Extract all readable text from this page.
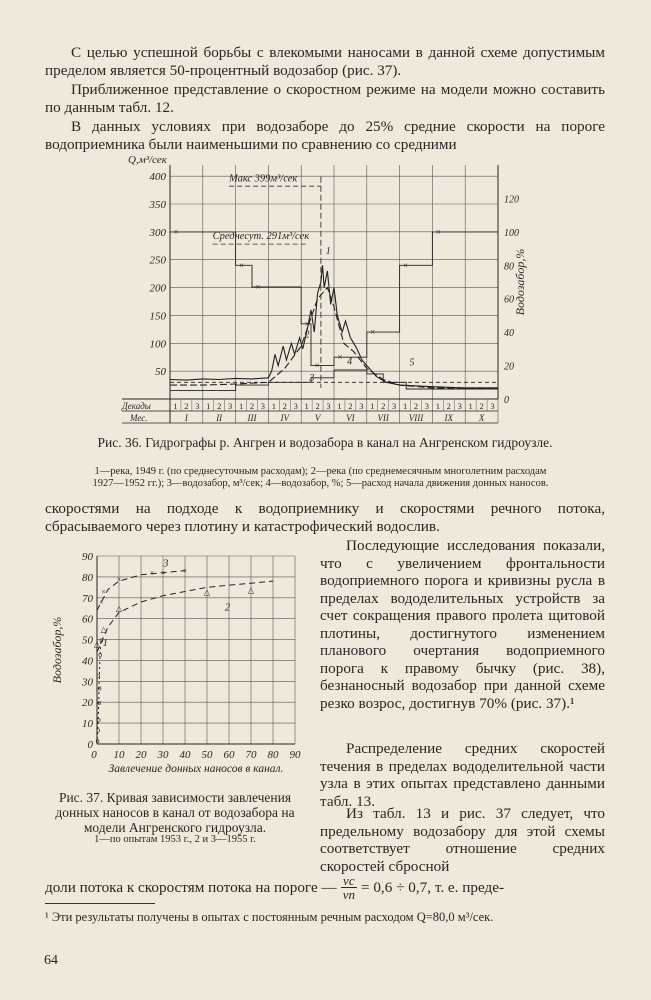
С целью успешной борьбы с влекомыми наносами в данной схеме допустимым пределом является 50-процентный водозабор (рис. 37).

Приближенное представление о скоростном режиме на модели можно составить по данным табл. 12.

В данных условиях при водозаборе до 25% средние скорости на пороге водоприемника были наименьшими по сравнению со средними

50
100
150
200
250
300
350
400
0
20
40
60
80
100
120
Декады
Мес.
1 2 3 1 2 3 1 2 3 1 2 3 1 2 3 1 2 3 1 2 3 1 2 3 1 2 3 1 2 3
I	II	III	IV	V	VI	VII VIII IX	X
Q,м³/сек
Водозабор,%
Макс 399м³/сек
Среднесут. 291м³/сек
×
×
×
×
×
×
×
×
×
1
2
3
4	5

Рис. 36. Гидрографы р. Ангрен и водозабора в канал на Ангренском гидроузле.

1—река, 1949 г. (по среднесуточным расходам); 2—река (по среднемесячным многолетним расходам 1927—1952 гг.); 3—водозабор, м³/сек; 4—водозабор, %; 5—расход начала движения донных наносов.

скоростями на подходе к водоприемнику и скоростями речного потока, сбрасываемого через плотину и катастрофический водослив.

0
10
20
30
40
50
60
70
80
90
0 10 20 30 40 50 60 70 80 90
Завлечение донных наносов в канал.
Водозабор,%
o
o
o
o
o
o
o
o
△
△
△
△	△
×
×
×
× × ×
1
2
3

Рис. 37. Кривая зависимости завлечения донных наносов в канал от водозабора на модели Ангренского гидроузла.

1—по опытам 1953 г., 2 и 3—1955 г.

Последующие исследования показали, что с увеличением фронтальности водоприемного порога и кривизны русла в пределах вододелительных устройств за счет сокращения правого пролета щитовой плотины, достигнутого изменением планового очертания водоприемного порога к правому бычку (рис. 38), безнаносный водозабор при данной схеме резко возрос, достигнув 70% (рис. 37).¹

Распределение средних скоростей течения в пределах вододелительной части узла в этих опытах представлено данными табл. 13.

Из табл. 13 и рис. 37 следует, что предельному водозабору для этой схемы соответствует отношение средних скоростей сбросной

доли потока к скоростям потока на пороге — vc
vп = 0,6 ÷ 0,7, т. е. преде-

¹ Эти результаты получены в опытах с постоянным речным расходом Q=80,0 м³/сек.

64
